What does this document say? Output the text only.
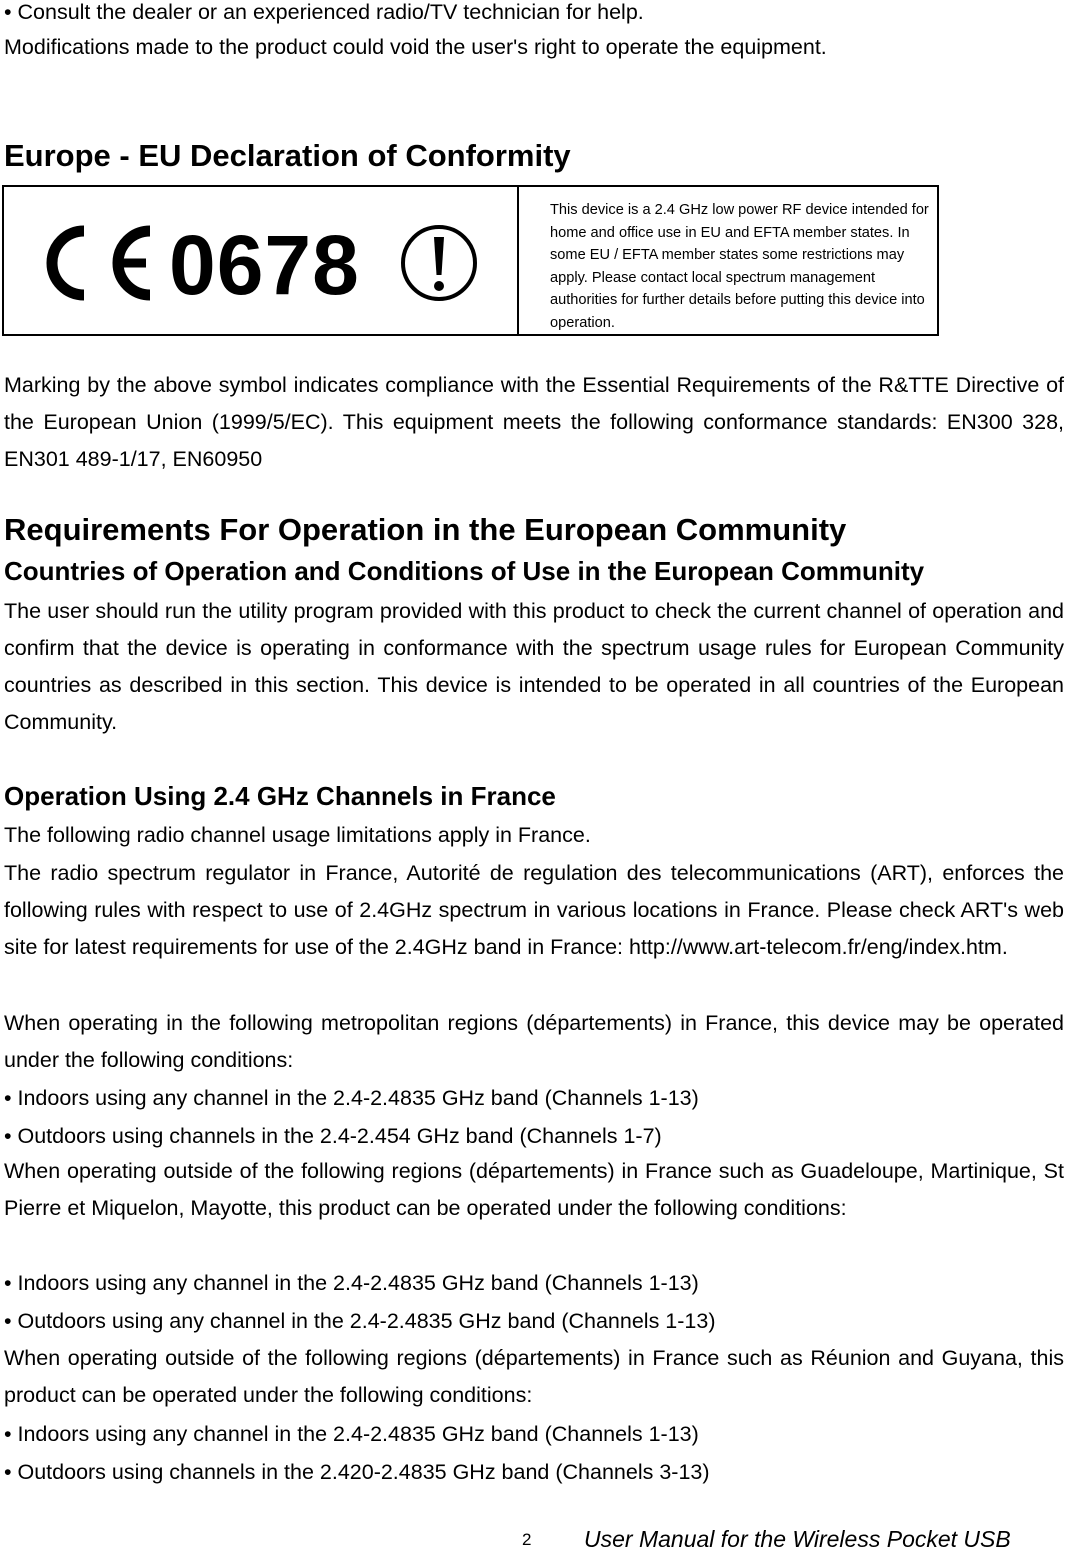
• Consult the dealer or an experienced radio/TV technician for help.
Modifications made to the product could void the user's right to operate the equipment.
Europe - EU Declaration of Conformity
0678
This device is a 2.4 GHz low power RF device intended for home and office use in EU and EFTA member states. In some EU / EFTA member states some restrictions may apply. Please contact local spectrum management authorities for further details before putting this device into operation.
Marking by the above symbol indicates compliance with the Essential Requirements of the R&TTE Directive of the European Union (1999/5/EC). This equipment meets the following conformance standards: EN300 328, EN301 489-1/17, EN60950
Requirements For Operation in the European Community
Countries of Operation and Conditions of Use in the European Community
The user should run the utility program provided with this product to check the current channel of operation and confirm that the device is operating in conformance with the spectrum usage rules for European Community countries as described in this section. This device is intended to be operated in all countries of the European Community.
Operation Using 2.4 GHz Channels in France
The following radio channel usage limitations apply in France.
The radio spectrum regulator in France, Autorité de regulation des telecommunications (ART), enforces the following rules with respect to use of 2.4GHz spectrum in various locations in France. Please check ART's web site for latest requirements for use of the 2.4GHz band in France: http://www.art-telecom.fr/eng/index.htm.
When operating in the following metropolitan regions (départements) in France, this device may be operated under the following conditions:
• Indoors using any channel in the 2.4-2.4835 GHz band (Channels 1-13)
• Outdoors using channels in the 2.4-2.454 GHz band (Channels 1-7)
When operating outside of the following regions (départements) in France such as Guadeloupe, Martinique, St Pierre et Miquelon, Mayotte, this product can be operated under the following conditions:
• Indoors using any channel in the 2.4-2.4835 GHz band (Channels 1-13)
• Outdoors using any channel in the 2.4-2.4835 GHz band (Channels 1-13)
When operating outside of the following regions (départements) in France such as Réunion and Guyana, this product can be operated under the following conditions:
• Indoors using any channel in the 2.4-2.4835 GHz band (Channels 1-13)
• Outdoors using channels in the 2.420-2.4835 GHz band (Channels 3-13)
2 User Manual for the Wireless Pocket USB
